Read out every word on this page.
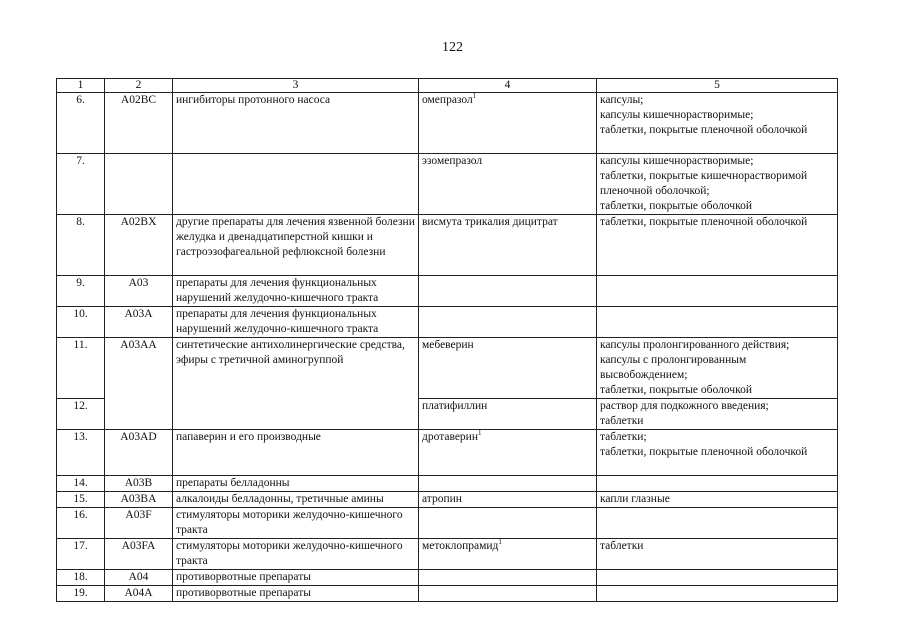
122
1	2	3	4	5
6.	A02BC	ингибиторы протонного насоса	омепразол$^1$	капсулы;
капсулы кишечнорастворимые;
таблетки, покрытые пленочной оболочкой
7.			эзомепразол	капсулы кишечнорастворимые;
таблетки, покрытые кишечнорастворимой пленочной оболочкой;
таблетки, покрытые оболочкой
8.	A02BX	другие препараты для лечения язвенной болезни желудка и двенадцатиперстной кишки и гастроэзофагеальной рефлюксной болезни	висмута трикалия дицитрат	таблетки, покрытые пленочной оболочкой
9.	A03	препараты для лечения функциональных нарушений желудочно-кишечного тракта		
10.	A03A	препараты для лечения функциональных нарушений желудочно-кишечного тракта		
11.	A03AA	синтетические антихолинергические средства, эфиры с третичной аминогруппой	мебеверин	капсулы пролонгированного действия;
капсулы с пролонгированным высвобождением;
таблетки, покрытые оболочкой
12.			платифиллин	раствор для подкожного введения;
таблетки
13.	A03AD	папаверин и его производные	дротаверин$^1$	таблетки;
таблетки, покрытые пленочной оболочкой
14.	A03B	препараты белладонны		
15.	A03BA	алкалоиды белладонны, третичные амины	атропин	капли глазные
16.	A03F	стимуляторы моторики желудочно-кишечного тракта		
17.	A03FA	стимуляторы моторики желудочно-кишечного тракта	метоклопрамид$^1$	таблетки
18.	A04	противорвотные препараты		
19.	A04A	противорвотные препараты		
